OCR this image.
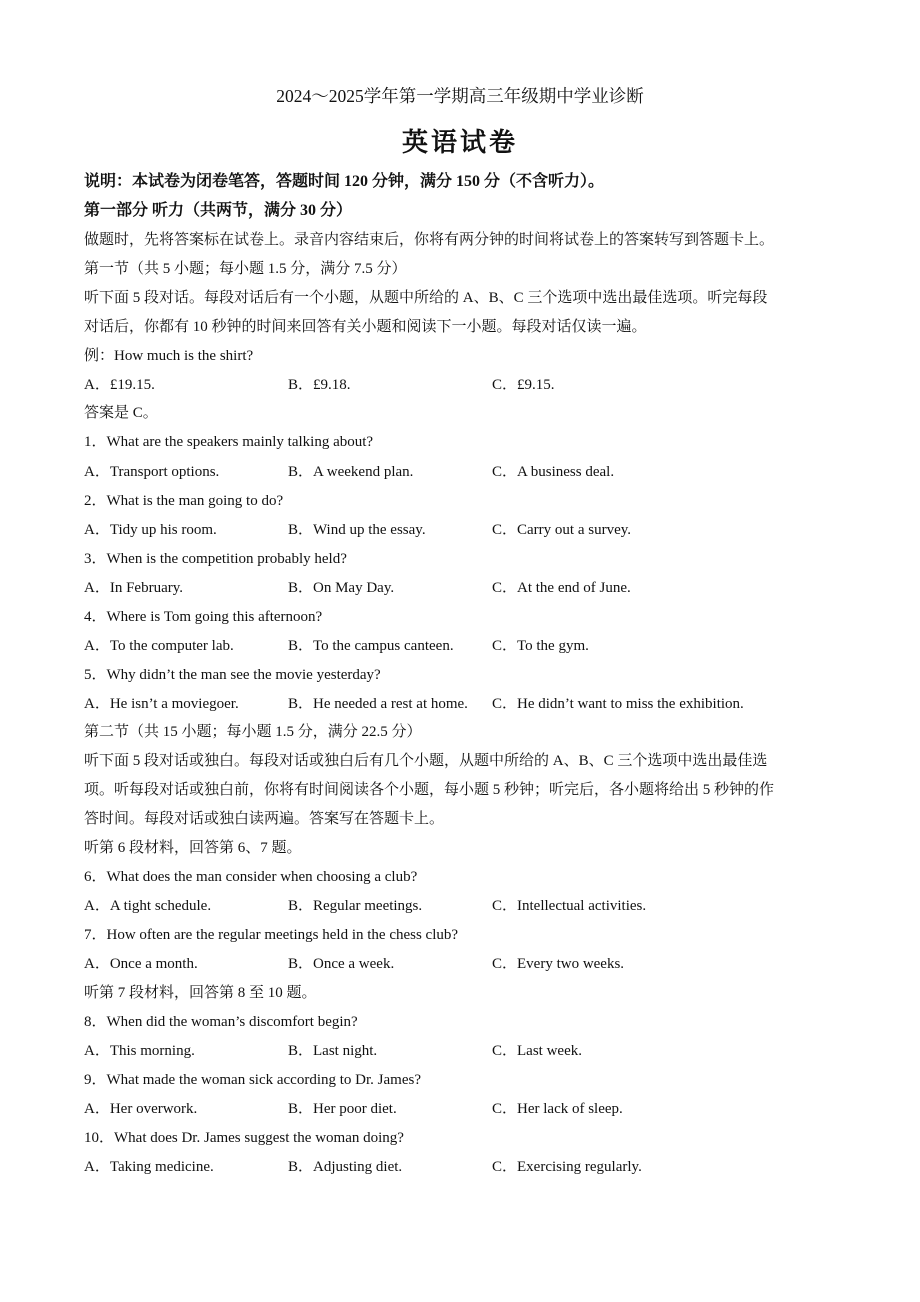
2024～2025学年第一学期高三年级期中学业诊断
英语试卷
说明：本试卷为闭卷笔答，答题时间 120 分钟，满分 150 分（不含听力）。
第一部分 听力（共两节，满分 30 分）
做题时，先将答案标在试卷上。录音内容结束后，你将有两分钟的时间将试卷上的答案转写到答题卡上。
第一节（共 5 小题；每小题 1.5 分，满分 7.5 分）
听下面 5 段对话。每段对话后有一个小题，从题中所给的 A、B、C 三个选项中选出最佳选项。听完每段
对话后，你都有 10 秒钟的时间来回答有关小题和阅读下一小题。每段对话仅读一遍。
例：How much is the shirt?
A．£19.15.	B．£9.18.	C．£9.15.
答案是 C。
1．What are the speakers mainly talking about?
A．Transport options.	B．A weekend plan.	C．A business deal.
2．What is the man going to do?
A．Tidy up his room.	B．Wind up the essay.	C．Carry out a survey.
3．When is the competition probably held?
A．In February.	B．On May Day.	C．At the end of June.
4．Where is Tom going this afternoon?
A．To the computer lab.	B．To the campus canteen.	C．To the gym.
5．Why didn’t the man see the movie yesterday?
A．He isn’t a moviegoer.	B．He needed a rest at home. C．He didn’t want to miss the exhibition.
第二节（共 15 小题；每小题 1.5 分，满分 22.5 分）
听下面 5 段对话或独白。每段对话或独白后有几个小题，从题中所给的 A、B、C 三个选项中选出最佳选
项。听每段对话或独白前，你将有时间阅读各个小题，每小题 5 秒钟；听完后，各小题将给出 5 秒钟的作
答时间。每段对话或独白读两遍。答案写在答题卡上。
听第 6 段材料，回答第 6、7 题。
6．What does the man consider when choosing a club?
A．A tight schedule.	B．Regular meetings.	C．Intellectual activities.
7．How often are the regular meetings held in the chess club?
A．Once a month.	B．Once a week.	C．Every two weeks.
听第 7 段材料，回答第 8 至 10 题。
8．When did the woman’s discomfort begin?
A．This morning.	B．Last night.	C．Last week.
9．What made the woman sick according to Dr. James?
A．Her overwork.	B．Her poor diet.	C．Her lack of sleep.
10．What does Dr. James suggest the woman doing?
A．Taking medicine.	B．Adjusting diet.	C．Exercising regularly.
